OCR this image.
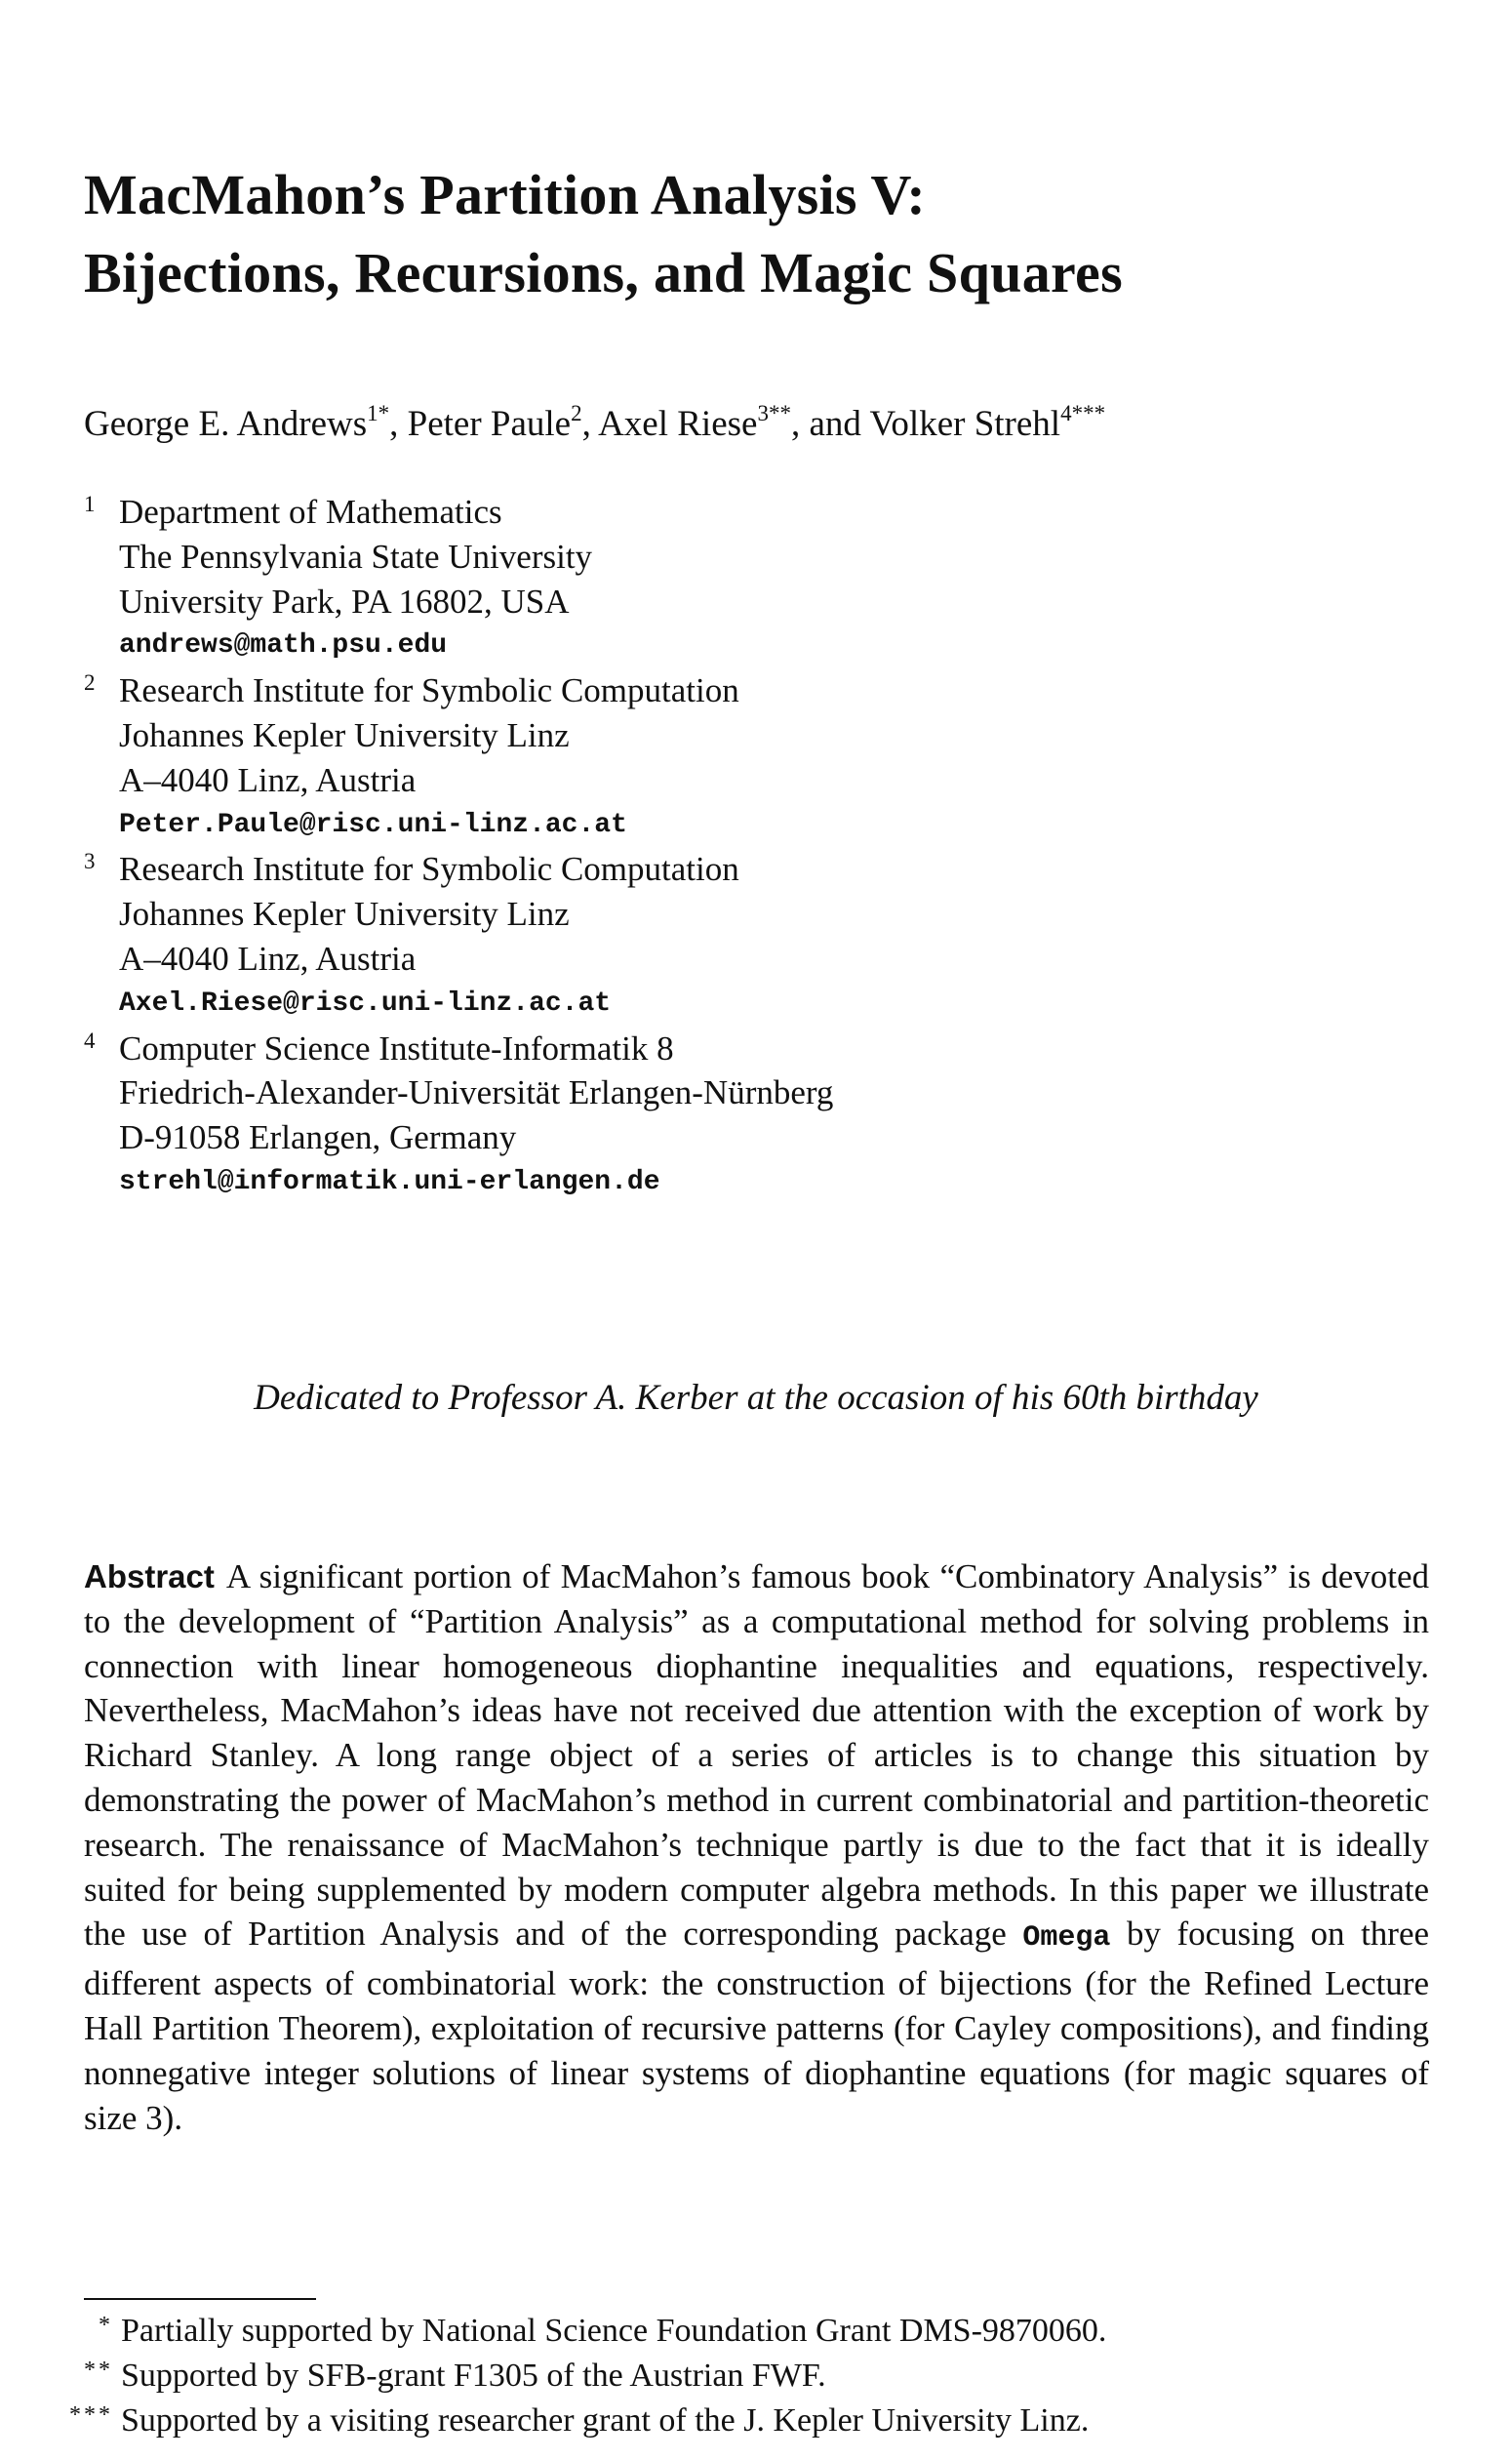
MacMahon’s Partition Analysis V:
Bijections, Recursions, and Magic Squares
George E. Andrews$^{1*}$, Peter Paule$^2$, Axel Riese$^{3**}$, and Volker Strehl$^{4***}$
1 Department of Mathematics
The Pennsylvania State University
University Park, PA 16802, USA
andrews@math.psu.edu
2 Research Institute for Symbolic Computation
Johannes Kepler University Linz
A–4040 Linz, Austria
Peter.Paule@risc.uni-linz.ac.at
3 Research Institute for Symbolic Computation
Johannes Kepler University Linz
A–4040 Linz, Austria
Axel.Riese@risc.uni-linz.ac.at
4 Computer Science Institute-Informatik 8
Friedrich-Alexander-Universität Erlangen-Nürnberg
D-91058 Erlangen, Germany
strehl@informatik.uni-erlangen.de
Dedicated to Professor A. Kerber at the occasion of his 60th birthday

Abstract A significant portion of MacMahon’s famous book “Combinatory Analysis” is devoted to the development of “Partition Analysis” as a computational method for solving problems in connection with linear homogeneous diophantine inequalities and equations, respectively. Nevertheless, MacMahon’s ideas have not received due attention with the exception of work by Richard Stanley. A long range object of a series of articles is to change this situation by demonstrating the power of MacMahon’s method in current combinatorial and partition-theoretic research. The renaissance of MacMahon’s technique partly is due to the fact that it is ideally suited for being supplemented by modern computer algebra methods. In this paper we illustrate the use of Partition Analysis and of the corresponding package Omega by focusing on three different aspects of combinatorial work: the construction of bijections (for the Refined Lecture Hall Partition Theorem), exploitation of recursive patterns (for Cayley compositions), and finding nonnegative integer solutions of linear systems of diophantine equations (for magic squares of size 3).

* Partially supported by National Science Foundation Grant DMS-9870060.
** Supported by SFB-grant F1305 of the Austrian FWF.
*** Supported by a visiting researcher grant of the J. Kepler University Linz.
